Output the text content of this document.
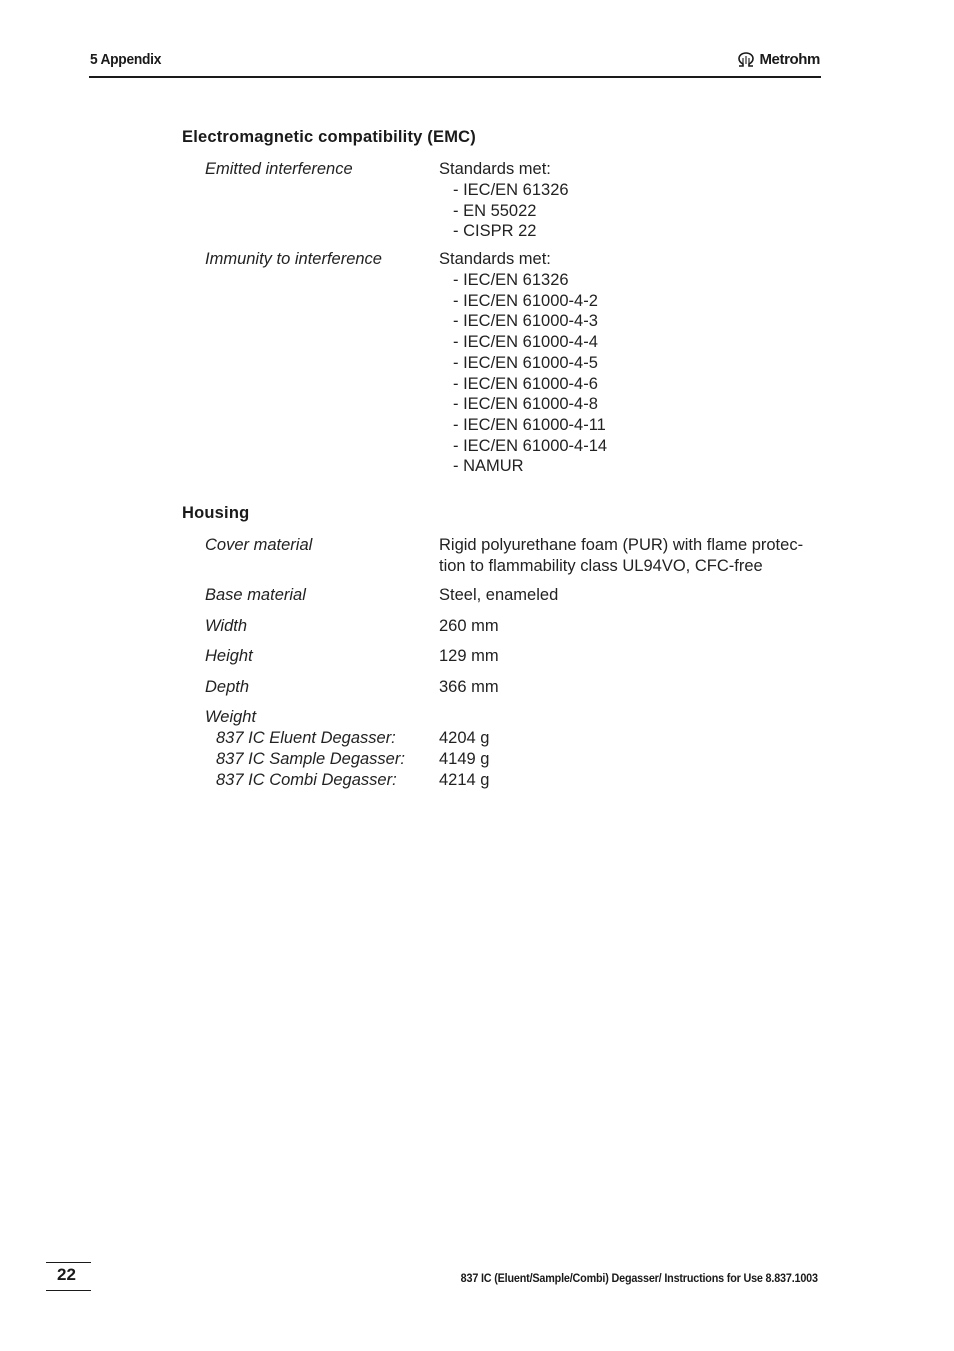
5 Appendix	Metrohm
Electromagnetic compatibility (EMC)
Emitted interference	Standards met:
- IEC/EN 61326
- EN 55022
- CISPR 22
Immunity to interference	Standards met:
- IEC/EN 61326
- IEC/EN 61000-4-2
- IEC/EN 61000-4-3
- IEC/EN 61000-4-4
- IEC/EN 61000-4-5
- IEC/EN 61000-4-6
- IEC/EN 61000-4-8
- IEC/EN 61000-4-11
- IEC/EN 61000-4-14
- NAMUR
Housing
Cover material	Rigid polyurethane foam (PUR) with flame protec-
tion to flammability class UL94VO, CFC-free
Base material	Steel, enameled
Width	260 mm
Height	129 mm
Depth	366 mm
Weight
837 IC Eluent Degasser:	4204 g
837 IC Sample Degasser: 4149 g
837 IC Combi Degasser:	4214 g
22	837 IC (Eluent/Sample/Combi) Degasser/ Instructions for Use 8.837.1003
